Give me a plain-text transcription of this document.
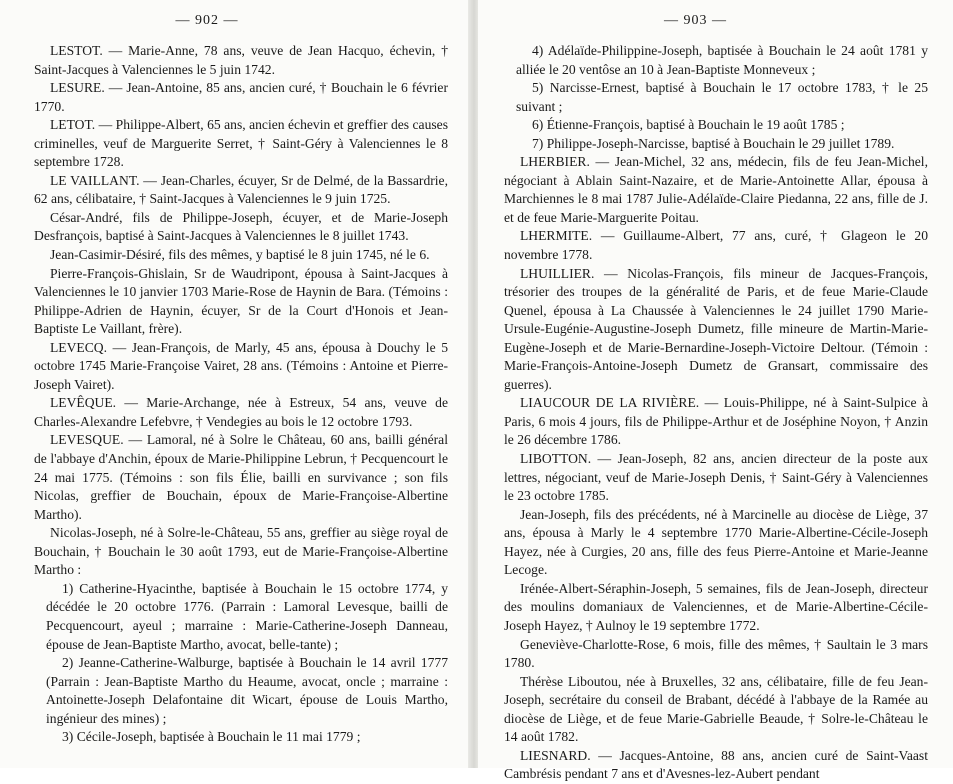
— 902 —

LESTOT. — Marie-Anne, 78 ans, veuve de Jean Hacquo, échevin, † Saint-Jacques à Valenciennes le 5 juin 1742.

LESURE. — Jean-Antoine, 85 ans, ancien curé, † Bouchain le 6 février 1770.

LETOT. — Philippe-Albert, 65 ans, ancien échevin et greffier des causes criminelles, veuf de Marguerite Serret, † Saint-Géry à Valenciennes le 8 septembre 1728.

LE VAILLANT. — Jean-Charles, écuyer, Sr de Delmé, de la Bassardrie, 62 ans, célibataire, † Saint-Jacques à Valenciennes le 9 juin 1725.

César-André, fils de Philippe-Joseph, écuyer, et de Marie-Joseph Desfrançois, baptisé à Saint-Jacques à Valenciennes le 8 juillet 1743.

Jean-Casimir-Désiré, fils des mêmes, y baptisé le 8 juin 1745, né le 6.

Pierre-François-Ghislain, Sr de Waudripont, épousa à Saint-Jacques à Valenciennes le 10 janvier 1703 Marie-Rose de Haynin de Bara. (Témoins : Philippe-Adrien de Haynin, écuyer, Sr de la Court d'Honois et Jean-Baptiste Le Vaillant, frère).

LEVECQ. — Jean-François, de Marly, 45 ans, épousa à Douchy le 5 octobre 1745 Marie-Françoise Vairet, 28 ans. (Témoins : Antoine et Pierre-Joseph Vairet).

LEVÊQUE. — Marie-Archange, née à Estreux, 54 ans, veuve de Charles-Alexandre Lefebvre, † Vendegies au bois le 12 octobre 1793.

LEVESQUE. — Lamoral, né à Solre le Château, 60 ans, bailli général de l'abbaye d'Anchin, époux de Marie-Philippine Lebrun, † Pecquencourt le 24 mai 1775. (Témoins : son fils Élie, bailli en survivance ; son fils Nicolas, greffier de Bouchain, époux de Marie-Françoise-Albertine Martho).

Nicolas-Joseph, né à Solre-le-Château, 55 ans, greffier au siège royal de Bouchain, † Bouchain le 30 août 1793, eut de Marie-Françoise-Albertine Martho :

1) Catherine-Hyacinthe, baptisée à Bouchain le 15 octobre 1774, y décédée le 20 octobre 1776. (Parrain : Lamoral Levesque, bailli de Pecquencourt, ayeul ; marraine : Marie-Catherine-Joseph Danneau, épouse de Jean-Baptiste Martho, avocat, belle-tante) ;

2) Jeanne-Catherine-Walburge, baptisée à Bouchain le 14 avril 1777 (Parrain : Jean-Baptiste Martho du Heaume, avocat, oncle ; marraine : Antoinette-Joseph Delafontaine dit Wicart, épouse de Louis Martho, ingénieur des mines) ;

3) Cécile-Joseph, baptisée à Bouchain le 11 mai 1779 ;

— 903 —

4) Adélaïde-Philippine-Joseph, baptisée à Bouchain le 24 août 1781 y alliée le 20 ventôse an 10 à Jean-Baptiste Monneveux ;

5) Narcisse-Ernest, baptisé à Bouchain le 17 octobre 1783, † le 25 suivant ;

6) Étienne-François, baptisé à Bouchain le 19 août 1785 ;

7) Philippe-Joseph-Narcisse, baptisé à Bouchain le 29 juillet 1789.

LHERBIER. — Jean-Michel, 32 ans, médecin, fils de feu Jean-Michel, négociant à Ablain Saint-Nazaire, et de Marie-Antoinette Allar, épousa à Marchiennes le 8 mai 1787 Julie-Adélaïde-Claire Piedanna, 22 ans, fille de J. et de feue Marie-Marguerite Poitau.

LHERMITE. — Guillaume-Albert, 77 ans, curé, † Glageon le 20 novembre 1778.

LHUILLIER. — Nicolas-François, fils mineur de Jacques-François, trésorier des troupes de la généralité de Paris, et de feue Marie-Claude Quenel, épousa à La Chaussée à Valenciennes le 24 juillet 1790 Marie-Ursule-Eugénie-Augustine-Joseph Dumetz, fille mineure de Martin-Marie-Eugène-Joseph et de Marie-Bernardine-Joseph-Victoire Deltour. (Témoin : Marie-François-Antoine-Joseph Dumetz de Gransart, commissaire des guerres).

LIAUCOUR DE LA RIVIÈRE. — Louis-Philippe, né à Saint-Sulpice à Paris, 6 mois 4 jours, fils de Philippe-Arthur et de Joséphine Noyon, † Anzin le 26 décembre 1786.

LIBOTTON. — Jean-Joseph, 82 ans, ancien directeur de la poste aux lettres, négociant, veuf de Marie-Joseph Denis, † Saint-Géry à Valenciennes le 23 octobre 1785.

Jean-Joseph, fils des précédents, né à Marcinelle au diocèse de Liège, 37 ans, épousa à Marly le 4 septembre 1770 Marie-Albertine-Cécile-Joseph Hayez, née à Curgies, 20 ans, fille des feus Pierre-Antoine et Marie-Jeanne Lecoge.

Irénée-Albert-Séraphin-Joseph, 5 semaines, fils de Jean-Joseph, directeur des moulins domaniaux de Valenciennes, et de Marie-Albertine-Cécile-Joseph Hayez, † Aulnoy le 19 septembre 1772.

Geneviève-Charlotte-Rose, 6 mois, fille des mêmes, † Saultain le 3 mars 1780.

Thérèse Liboutou, née à Bruxelles, 32 ans, célibataire, fille de feu Jean-Joseph, secrétaire du conseil de Brabant, décédé à l'abbaye de la Ramée au diocèse de Liège, et de feue Marie-Gabrielle Beaude, † Solre-le-Château le 14 août 1782.

LIESNARD. — Jacques-Antoine, 88 ans, ancien curé de Saint-Vaast Cambrésis pendant 7 ans et d'Avesnes-lez-Aubert pendant
